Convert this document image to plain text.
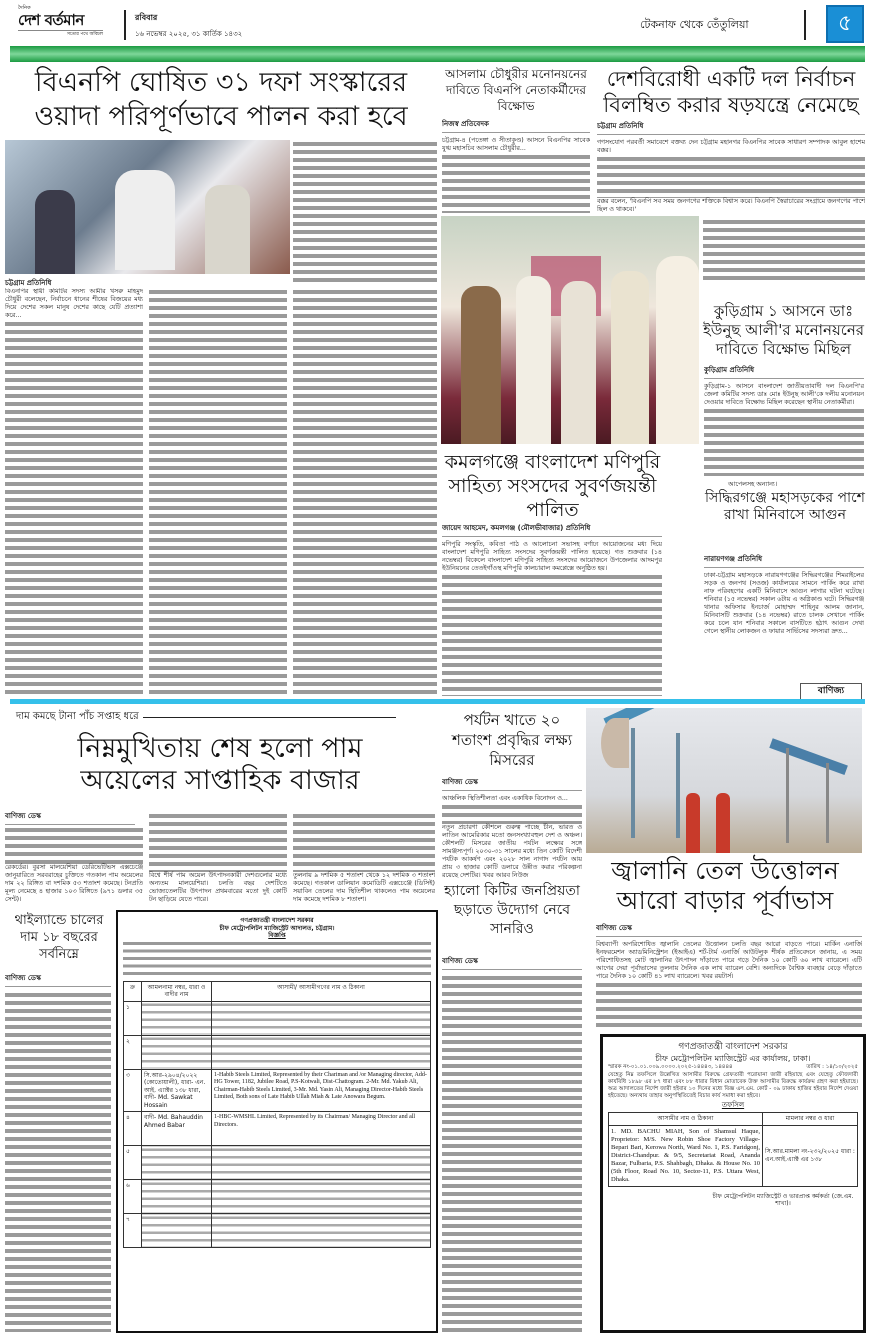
দৈনিক
দেশ বর্তমান
সত্যের পথে অবিচল
রবিবার
১৬ নভেম্বর ২০২৫, ৩১ কার্তিক ১৪৩২
টেকনাফ থেকে তেঁতুলিয়া	৫
বিএনপি ঘোষিত ৩১ দফা সংস্কারের ওয়াদা পরিপূর্ণভাবে পালন করা হবে
চট্টগ্রাম প্রতিনিধি

বিএনপির স্থায়ী কমিটির সদস্য আমীর খসরু মাহমুদ চৌধুরী বলেছেন, নির্বাচনে ধানের শীষের বিজয়ের মধ্য দিয়ে দেশের সকল মানুষ দেশের কাছে যেটি প্রত্যাশা করে...

আসলাম চৌধুরীর মনোনয়নের দাবিতে বিএনপি নেতাকর্মীদের বিক্ষোভ
নিজস্ব প্রতিবেদক

চট্টগ্রাম-৪ (পতেঙ্গা ও সীতাকুণ্ড) আসনে বিএনপির সাবেক যুগ্ম মহাসচিব আসলাম চৌধুরীর...

দেশবিরোধী একটি দল নির্বাচন বিলম্বিত করার ষড়যন্ত্রে নেমেছে
চট্টগ্রাম প্রতিনিধি

গণসংযোগ পরবর্তী সমাবেশে বক্তব্য দেন চট্টগ্রাম মহানগর বিএনপির সাবেক সাধারণ সম্পাদক আবুল হাশেম বক্কর।

বক্কর বলেন, 'বিএনপি সব সময় জনগণের শক্তিকে বিশ্বাস করে। বিএনপি স্বৈরাচারের সংগ্রামে জনগণের পাশে ছিল ও থাকবে।'

কমলগঞ্জে বাংলাদেশ মণিপুরি সাহিত্য সংসদের সুবর্ণজয়ন্তী পালিত
জায়েদ আহমেদ, কমলগঞ্জ (মৌলভীবাজার) প্রতিনিধি

মণিপুরি সংস্কৃতি, কবিতা পাঠ ও আলোচনা সভাসহ বর্ণাঢ্য আয়োজনের মধ্য দিয়ে বাংলাদেশ মণিপুরি সাহিত্য সংসদের সুবর্ণজয়ন্তী পালিত হয়েছে। গত শুক্রবার (১৪ নভেম্বর) বিকেলে বাংলাদেশ মণিপুরি সাহিত্য সংসদের আয়োজনে উপজেলার আদমপুর ইউনিয়নের তেতইগাঁওস্থ মণিপুরি কালচারাল কমপ্লেক্সে অনুষ্ঠিত হয়।

কুড়িগ্রাম ১ আসনে ডাঃ ইউনুছ আলী'র মনোনয়নের দাবিতে বিক্ষোভ মিছিল
কুড়িগ্রাম প্রতিনিধি

কুড়িগ্রাম-১ আসনে বাংলাদেশ জাতীয়তাবাদী দল বিএনপি'র জেলা কমিটির সদস্য ডাঃ মোঃ ইউনুছ আলী'কে দলীয় মনোনয়ন দেওয়ার দাবিতে বিক্ষোভ মিছিল করেছেন স্থানীয় নেতাকর্মীরা।

আপেলসহ অন্যান্য।
সিদ্ধিরগঞ্জে মহাসড়কের পাশে রাখা মিনিবাসে আগুন
নারায়ণগঞ্জ প্রতিনিধি

ঢাকা-চট্টগ্রাম মহাসড়কে নারায়ণগঞ্জের সিদ্ধিরগঞ্জের শিমরাইলের সড়ক ও জনপথ (সওজ) কার্যালয়ের সামনে পার্কিং করে রাখা নাফ পরিবহণের একটি মিনিবাসে আগুন লাগার ঘটনা ঘটেছে। শনিবার (১৫ নভেম্বর) সকাল ৬টায় এ অগ্নিকাণ্ড ঘটে। সিদ্ধিরগঞ্জ থানার অফিসার ইনচার্জ মোহাম্মদ শাহিনুর আলম জানান, মিনিবাসটি শুক্রবার (১৪ নভেম্বর) রাতে চালক সেখানে পার্কিং করে চলে যান শনিবার সকালে বাসটিতে হঠাৎ আগুন দেখা গেলে স্থানীয় লোকজন ও ফায়ার সার্ভিসের সদস্যরা দ্রুত...

বাণিজ্য
দাম কমছে টানা পাঁচ সপ্তাহ ধরে
নিম্নমুখিতায় শেষ হলো পাম অয়েলের সাপ্তাহিক বাজার
বাণিজ্য ডেস্ক

রেকর্ডের। বুরসা মালয়েশিয়া ডেরিভেটিভস এক্সচেঞ্জে জানুয়ারিতে সরবরাহের চুক্তিতে গতকাল পাম অয়েলের দাম ২২ রিঙ্গিত বা দশমিক ৫৩ শতাংশ কমেছে। টনপ্রতি মূল্য নেমেছে ৪ হাজার ১০৩ রিঙ্গিতে (৯৭১ ডলার ৩৫ সেন্ট)।

বিশ্বে শীর্ষ পাম অয়েল উৎপাদনকারী দেশগুলোর মধ্যে অন্যতম মালয়েশিয়া। চলতি বছর দেশটিতে ভোজ্যতেলটির উৎপাদন প্রথমবারের মতো দুই কোটি টন ছাড়িয়ে যেতে পারে।

তুলনায় ৯ দশমিক ৫ শতাংশ থেকে ১২ দশমিক ৩ শতাংশ কমেছে। গতকাল ডালিয়ান কমোডিটি এক্সচেঞ্জে (ডিসিই) সয়াবিন তেলের দাম স্থিতিশীল থাকলেও পাম অয়েলের দাম কমেছে দশমিক ৮ শতাংশ।

থাইল্যান্ডে চালের দাম ১৮ বছরের সর্বনিম্নে
বাণিজ্য ডেস্ক
গণপ্রজাতন্ত্রী বাংলাদেশ সরকার
চীফ মেট্রোপলিটন ম্যাজিস্ট্রেট আদালত, চট্টগ্রাম।
বিজ্ঞপ্তি
ক্র	আমলনামা নম্বর, ধারা ও বাদীর নাম	আসামী/ আসামীগণের নাম ও ঠিকানা
১		
২		
৩	সি.আর-২৯০৪/২০২২ (কোতোয়ালী), ধারা- এন. আই. এ্যাক্টর ১৩৮ ধারা, বাদী- Md. Sawkat Hossain	1-Habib Steels Limited, Represented by their Chariman and /or Managing director, Add-HG Tower, 1182, Jubilee Road, P.S-Kotwali, Dist-Chattogram. 2-Mr. Md. Yakub Ali, Chairman-Habib Steels Limited, 3-Mr. Md. Yasin Ali, Managing Director-Habib Steels Limited, Both sons of Late Habib Ullah Miah & Late Anowara Begum.
৪	বাদী- Md. Bahauddin Ahmed Babar	1-HBC-WMSHL Limited, Represented by its Chairman/ Managing Director and all Directors.
৫		
৬		
৭		
পর্যটন খাতে ২০ শতাংশ প্রবৃদ্ধির লক্ষ্য মিসরের
বাণিজ্য ডেস্ক

আঞ্চলিক স্থিতিশীলতা এবং একাধিক বিনোদন ও...

নতুন প্রচারণা কৌশলে গুরুত্ব পাচ্ছে চীন, ভারত ও লাতিন আমেরিকার মতো জনসংখ্যাবহুল দেশ ও অঞ্চল। কৌশলটি মিসরের জাতীয় পর্যটন লক্ষ্যের সঙ্গে সামঞ্জস্যপূর্ণ। ২০৩০-৩১ সালের মধ্যে তিন কোটি বিদেশী পর্যটক আকর্ষণ এবং ২০২৮ সাল নাগাদ পর্যটন আয় প্রায় ৩ হাজার কোটি ডলারে উন্নীত করার পরিকল্পনা রয়েছে দেশটির। খবর আরব নিউজ

হ্যালো কিটির জনপ্রিয়তা ছড়াতে উদ্যোগ নেবে সানরিও
বাণিজ্য ডেস্ক
জ্বালানি তেল উত্তোলন আরো বাড়ার পূর্বাভাস
বাণিজ্য ডেস্ক

বিশ্বব্যাপী অপরিশোধিত জ্বালানি তেলের উত্তোলন চলতি বছর আরো বাড়তে পারে। মার্কিন এনার্জি ইনফরমেশন অ্যাডমিনিস্ট্রেশন (ইআইএ) শর্ট-টার্ম এনার্জি আউটলুক শীর্ষক প্রতিবেদনে জানায়, এ সময় পরিশোধিতসহ মোট জ্বালানির উৎপাদন দাঁড়াতে পারে গড়ে দৈনিক ১০ কোটি ৬০ লাখ ব্যারেলে। এটি আগের দেয়া পূর্বাভাসের তুলনায় দৈনিক এক লাখ ব্যারেল বেশি। অন্যদিকে বৈশ্বিক ব্যবহার বেড়ে দাঁড়াতে পারে দৈনিক ১০ কোটি ৪১ লাখ ব্যারেলে। খবর রয়টার্স।

গণপ্রজাতন্ত্রী বাংলাদেশ সরকার
চীফ মেট্রোপলিটন ম্যাজিস্ট্রেট এর কার্যালয়, ঢাকা।
স্মারক নং-০১.০১.০০৯.০০০০.২০২৫-১৪৪৪৩, ১৪৪৪৪	তারিখ : ১৪/১০/২০২৫

যেহেতু নিম্ন তফসিলে উল্লেখিত আসামীর বিরুদ্ধে গ্রেফতারী পরোয়ানা জারী রহিয়াছে এবং যেহেতু ফৌজদারী কার্যবিধি ১৮৯৮ এর ৮৭ ধারা এবং ৮৮ ধারার বিধান মোতাবেক উক্ত আসামীর বিরুদ্ধে কার্যক্রম গ্রহণ করা হইয়াছে। অত্র আদালতের নির্দেশ জারী হইবার ১০ দিনের মধ্যে বিজ্ঞ এস.এম. কোর্ট - ০৯ ঢাকায় হাজির হইবার নির্দেশ দেওয়া হইতেছে। অন্যথায় তাহার অনুপস্থিতিতেই বিচার কার্য সমাধা করা হইবে।

তফসিল
আসামীর নাম ও ঠিকানা	মামলার নম্বর ও ধারা
1. MD. BACHU MIAH, Son of Shamsul Haque, Proprietor: M/S. New Robin Shoe Factory Village-Bepari Bari, Kerowa North, Ward No. 1, P.S. Faridgonj, District-Chandpur. & 9/5, Secretariat Road, Ananda Bazar, Fulbaria, P.S. Shahbagh, Dhaka. & House No. 10 (5th Floor, Road No. 10, Sector-11, P.S. Uttara West, Dhaka.	সি.আর.মামলা নং-২৩২/২০২৫ ধারা : এন.আই.এ্যাক্ট এর ১৩৮
চীফ মেট্রোপলিটন ম্যাজিস্ট্রেট ও ভারপ্রাপ্ত কর্মকর্তা (জে.এম. শাখা)।
